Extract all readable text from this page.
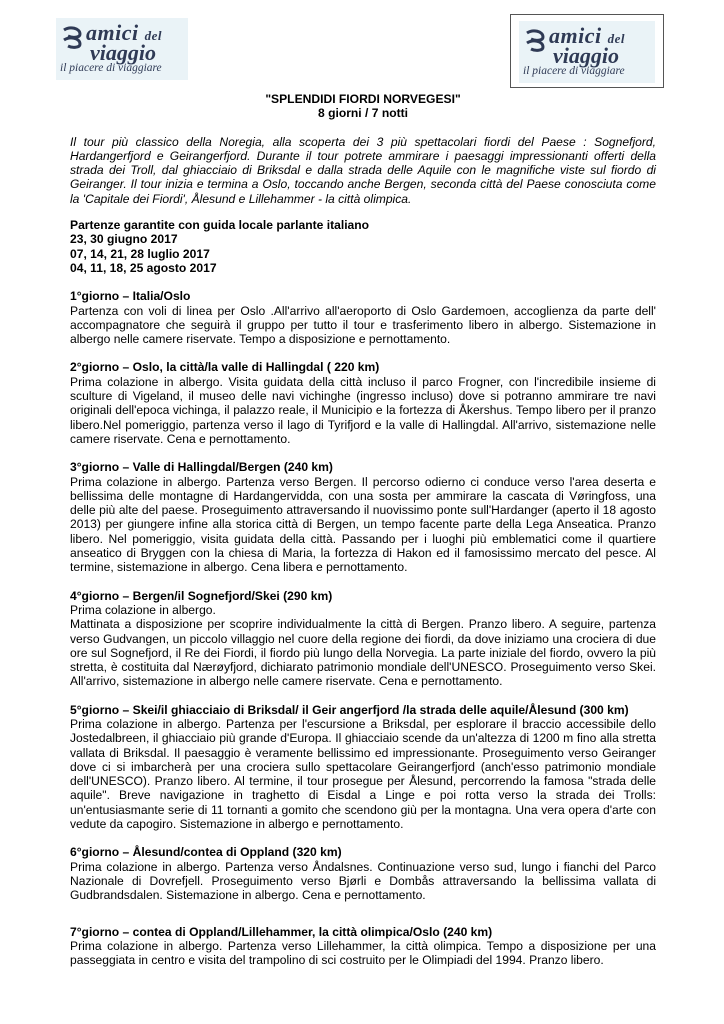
amici del
viaggio
il piacere di viaggiare
amici del
viaggio
il piacere di viaggiare

"SPLENDIDI FIORDI NORVEGESI"

8 giorni / 7 notti

Il tour più classico della Noregia, alla scoperta dei 3 più spettacolari fiordi del Paese : Sognefjord, Hardangerfjord e Geirangerfjord. Durante il tour potrete ammirare i paesaggi impressionanti offerti della strada dei Troll, dal ghiacciaio di Briksdal e dalla strada delle Aquile con le magnifiche viste sul fiordo di Geiranger. Il tour inizia e termina a Oslo, toccando anche Bergen, seconda città del Paese conosciuta come la 'Capitale dei Fiordi', Ålesund e Lillehammer - la città olimpica.

Partenze garantite con guida locale parlante italiano

23, 30 giugno 2017

07, 14, 21, 28 luglio 2017

04, 11, 18, 25 agosto 2017

1°giorno – Italia/Oslo

Partenza con voli di linea per Oslo .All'arrivo all'aeroporto di Oslo Gardemoen, accoglienza da parte dell' accompagnatore che seguirà il gruppo per tutto il tour e trasferimento libero in albergo. Sistemazione in albergo nelle camere riservate. Tempo a disposizione e pernottamento.

2°giorno – Oslo, la città/la valle di Hallingdal ( 220 km)

Prima colazione in albergo. Visita guidata della città incluso il parco Frogner, con l'incredibile insieme di sculture di Vigeland, il museo delle navi vichinghe (ingresso incluso) dove si potranno ammirare tre navi originali dell'epoca vichinga, il palazzo reale, il Municipio e la fortezza di Åkershus. Tempo libero per il pranzo libero.Nel pomeriggio, partenza verso il lago di Tyrifjord e la valle di Hallingdal. All'arrivo, sistemazione nelle camere riservate. Cena e pernottamento.

3°giorno – Valle di Hallingdal/Bergen (240 km)

Prima colazione in albergo. Partenza verso Bergen. Il percorso odierno ci conduce verso l'area deserta e bellissima delle montagne di Hardangervidda, con una sosta per ammirare la cascata di Vøringfoss, una delle più alte del paese. Proseguimento attraversando il nuovissimo ponte sull'Hardanger (aperto il 18 agosto 2013) per giungere infine alla storica città di Bergen, un tempo facente parte della Lega Anseatica. Pranzo libero. Nel pomeriggio, visita guidata della città. Passando per i luoghi più emblematici come il quartiere anseatico di Bryggen con la chiesa di Maria, la fortezza di Hakon ed il famosissimo mercato del pesce. Al termine, sistemazione in albergo. Cena libera e pernottamento.

4°giorno – Bergen/il Sognefjord/Skei (290 km)

Prima colazione in albergo.

Mattinata a disposizione per scoprire individualmente la città di Bergen. Pranzo libero. A seguire, partenza verso Gudvangen, un piccolo villaggio nel cuore della regione dei fiordi, da dove iniziamo una crociera di due ore sul Sognefjord, il Re dei Fiordi, il fiordo più lungo della Norvegia. La parte iniziale del fiordo, ovvero la più stretta, è costituita dal Nærøyfjord, dichiarato patrimonio mondiale dell'UNESCO. Proseguimento verso Skei. All'arrivo, sistemazione in albergo nelle camere riservate. Cena e pernottamento.

5°giorno – Skei/il ghiacciaio di Briksdal/ il Geir angerfjord /la strada delle aquile/Ålesund (300 km)

Prima colazione in albergo. Partenza per l'escursione a Briksdal, per esplorare il braccio accessibile dello Jostedalbreen, il ghiacciaio più grande d'Europa. Il ghiacciaio scende da un'altezza di 1200 m fino alla stretta vallata di Briksdal. Il paesaggio è veramente bellissimo ed impressionante. Proseguimento verso Geiranger dove ci si imbarcherà per una crociera sullo spettacolare Geirangerfjord (anch'esso patrimonio mondiale dell'UNESCO). Pranzo libero. Al termine, il tour prosegue per Ålesund, percorrendo la famosa "strada delle aquile". Breve navigazione in traghetto di Eisdal a Linge e poi rotta verso la strada dei Trolls: un'entusiasmante serie di 11 tornanti a gomito che scendono giù per la montagna. Una vera opera d'arte con vedute da capogiro. Sistemazione in albergo e pernottamento.

6°giorno – Ålesund/contea di Oppland (320 km)

Prima colazione in albergo. Partenza verso Åndalsnes. Continuazione verso sud, lungo i fianchi del Parco Nazionale di Dovrefjell. Proseguimento verso Bjørli e Dombås attraversando la bellissima vallata di Gudbrandsdalen. Sistemazione in albergo. Cena e pernottamento.

7°giorno – contea di Oppland/Lillehammer, la città olimpica/Oslo (240 km)

Prima colazione in albergo. Partenza verso Lillehammer, la città olimpica. Tempo a disposizione per una passeggiata in centro e visita del trampolino di sci costruito per le Olimpiadi del 1994. Pranzo libero.
